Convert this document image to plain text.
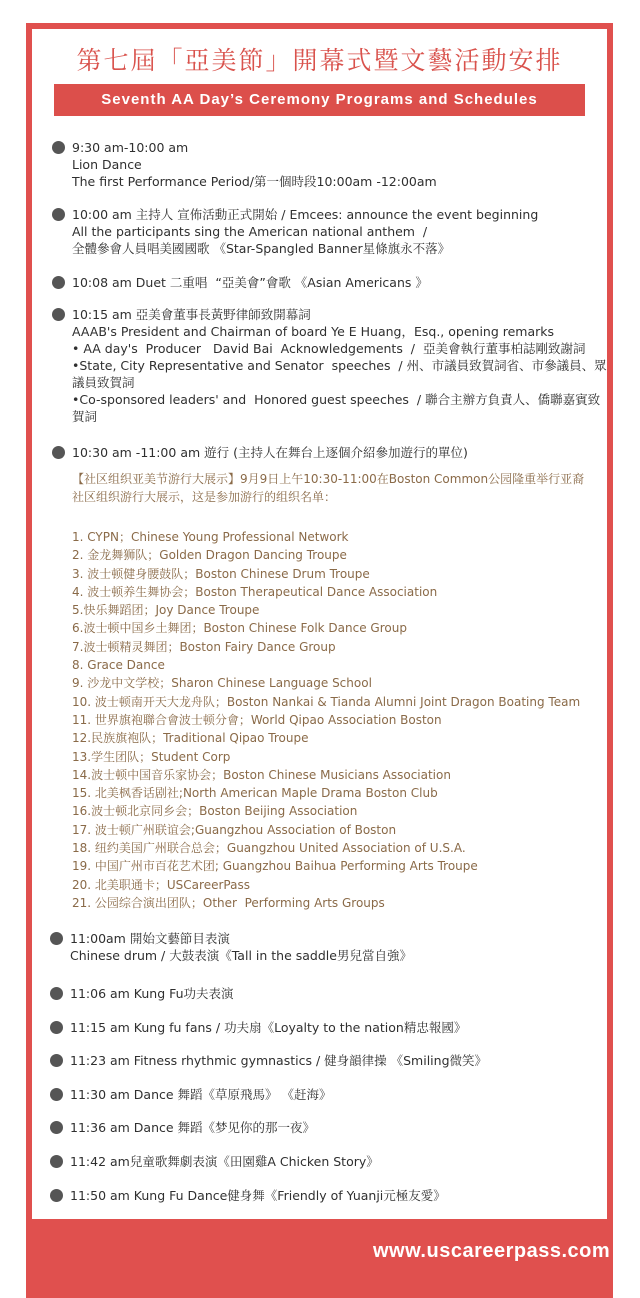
第七屆「亞美節」開幕式暨文藝活動安排
Seventh AA Day’s Ceremony Programs and Schedules
9:30 am-10:00 am
Lion Dance
The first Performance Period/第一個時段10:00am -12:00am
10:00 am 主持人 宣佈活動正式開始 / Emcees: announce the event beginning
All the participants sing the American national anthem  /
全體參會人員唱美國國歌 《Star-Spangled Banner星條旗永不落》
10:08 am Duet 二重唱  “亞美會”會歌 《Asian Americans 》
10:15 am 亞美會董事長黃野律師致開幕詞
AAAB's President and Chairman of board Ye E Huang，Esq., opening remarks
• AA day's  Producer   David Bai  Acknowledgements  /  亞美會執行董事柏誌剛致謝詞
•State, City Representative and Senator  speeches  / 州、市議員致賀詞省、市參議員、眾
議員致賀詞
•Co-sponsored leaders' and  Honored guest speeches  / 聯合主辦方負責人、僑聯嘉賓致
賀詞
10:30 am -11:00 am 遊行 (主持人在舞台上逐個介紹參加遊行的單位)
【社区组织亚美节游行大展示】9月9日上午10:30-11:00在Boston Common公园隆重举行亚裔社区组织游行大展示，这是参加游行的组织名单：
1. CYPN；Chinese Young Professional Network
2. 金龙舞狮队；Golden Dragon Dancing Troupe
3. 波士顿健身腰鼓队；Boston Chinese Drum Troupe
4. 波士顿养生舞协会；Boston Therapeutical Dance Association
5.快乐舞蹈团；Joy Dance Troupe
6.波士顿中国乡土舞团；Boston Chinese Folk Dance Group
7.波士顿精灵舞团；Boston Fairy Dance Group
8. Grace Dance
9. 沙龙中文学校；Sharon Chinese Language School
10. 波士顿南开天大龙舟队；Boston Nankai & Tianda Alumni Joint Dragon Boating Team
11. 世界旗袍聯合會波士顿分會；World Qipao Association Boston
12.民族旗袍队；Traditional Qipao Troupe
13.学生团队；Student Corp
14.波士顿中国音乐家协会；Boston Chinese Musicians Association
15. 北美枫香话剧社;North American Maple Drama Boston Club
16.波士顿北京同乡会；Boston Beijing Association
17. 波士顿广州联谊会;Guangzhou Association of Boston
18. 纽约美国广州联合总会；Guangzhou United Association of U.S.A.
19. 中国广州市百花艺术团; Guangzhou Baihua Performing Arts Troupe
20. 北美职通卡；USCareerPass
21. 公园综合演出团队；Other  Performing Arts Groups
11:00am 開始文藝節目表演
Chinese drum / 大鼓表演《Tall in the saddle男兒當自強》
11:06 am Kung Fu功夫表演
11:15 am Kung fu fans / 功夫扇《Loyalty to the nation精忠報國》
11:23 am Fitness rhythmic gymnastics / 健身韻律操 《Smiling微笑》
11:30 am Dance 舞蹈《草原飛馬》 《赶海》
11:36 am Dance 舞蹈《梦见你的那一夜》
11:42 am兒童歌舞劇表演《田園雞A Chicken Story》
11:50 am Kung Fu Dance健身舞《Friendly of Yuanji元極友愛》
www.uscareerpass.com
